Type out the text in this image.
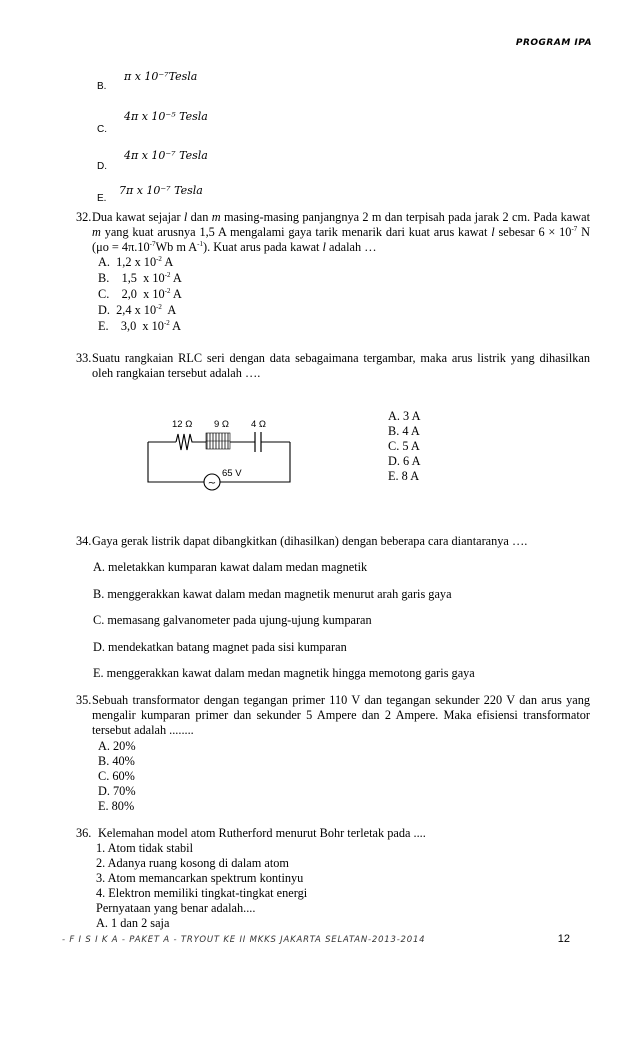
PROGRAM IPA
B.
π x 10⁻⁷Tesla
C.
4π x 10⁻⁵ Tesla
D.
4π x 10⁻⁷ Tesla
E.
7π x 10⁻⁷ Tesla
32. Dua kawat sejajar l dan m masing-masing panjangnya 2 m dan terpisah pada jarak 2 cm. Pada kawat m yang kuat arusnya 1,5 A mengalami gaya tarik menarik dari kuat arus kawat l sebesar $6 \times 10^{-7}$ N ($\mu o = 4\pi.10^{-7}Wb$ m $A^{-1}$). Kuat arus pada kawat l adalah …
A. 1,2 x $10^{-2}$ A
B.    1,5  x $10^{-2}$ A
C.    2,0  x $10^{-2}$ A
D. 2,4 x $10^{-2}$  A
E.    3,0  x $10^{-2}$ A
33. Suatu rangkaian RLC seri dengan data sebagaimana tergambar, maka arus listrik yang dihasilkan oleh rangkaian tersebut adalah ….
~
12 Ω 9 Ω 4 Ω
65 V
A. 3 A
B. 4 A
C. 5 A
D. 6 A
E. 8 A
34. Gaya gerak listrik dapat dibangkitkan (dihasilkan) dengan beberapa cara diantaranya ….
A. meletakkan kumparan kawat dalam medan magnetik
B. menggerakkan kawat dalam medan magnetik menurut arah garis gaya
C. memasang galvanometer pada ujung-ujung kumparan
D. mendekatkan batang magnet pada sisi kumparan
E. menggerakkan kawat dalam medan magnetik hingga memotong garis gaya
35. Sebuah transformator dengan tegangan primer 110 V dan tegangan sekunder 220 V dan arus yang mengalir kumparan primer dan sekunder 5 Ampere dan 2 Ampere. Maka efisiensi transformator tersebut adalah ........
A. 20%
B. 40%
C. 60%
D. 70%
E. 80%
36. Kelemahan model atom Rutherford menurut Bohr terletak pada ....
1. Atom tidak stabil
2. Adanya ruang kosong di dalam atom
3. Atom memancarkan spektrum kontinyu
4. Elektron memiliki tingkat-tingkat energi
Pernyataan yang benar adalah....
A. 1 dan 2 saja
- F I S I K A - PAKET A - TRYOUT KE II MKKS JAKARTA SELATAN-2013-2014	12
